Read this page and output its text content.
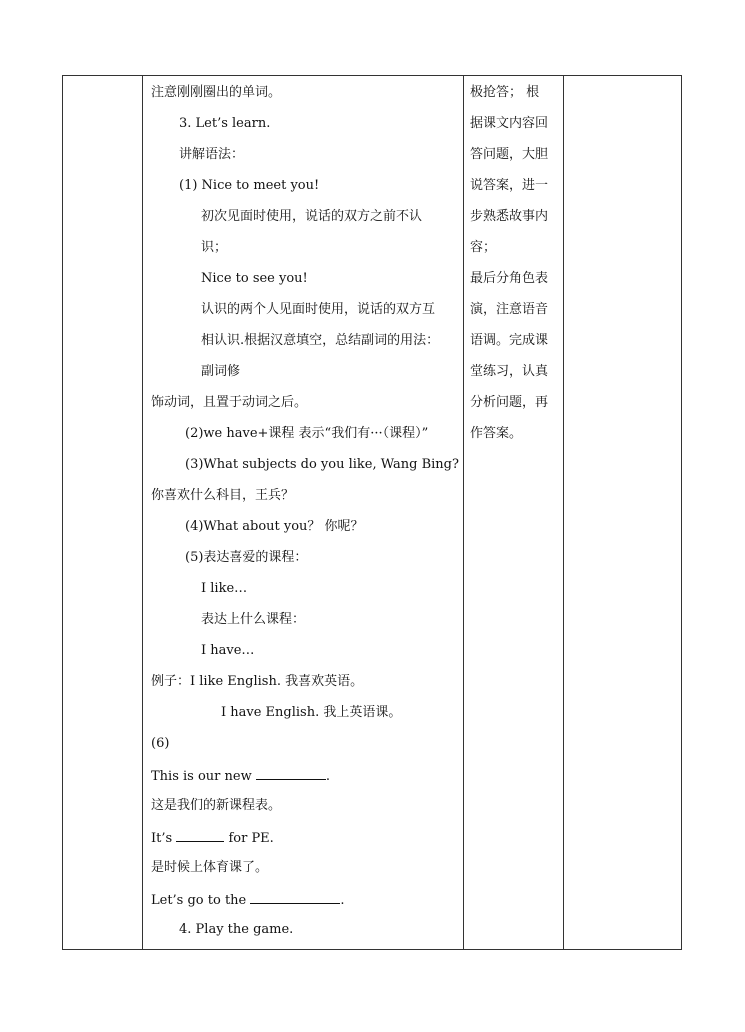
注意刚刚圈出的单词。
3. Let’s learn.
讲解语法：
(1) Nice to meet you!
初次见面时使用，说话的双方之前不认
识；
Nice to see you!
认识的两个人见面时使用，说话的双方互
相认识.根据汉意填空，总结副词的用法：
副词修
饰动词，且置于动词之后。
(2)we have+课程 表示“我们有···（课程）”
(3)What subjects do you like, Wang Bing?
你喜欢什么科目，王兵？
(4)What about you？ 你呢？
(5)表达喜爱的课程：
I like…
表达上什么课程：
I have…
例子：I like English. 我喜欢英语。
I have English. 我上英语课。
(6)
This is our new	.
这是我们的新课程表。
It’s	for PE.
是时候上体育课了。
Let’s go to the	.
4. Play the game.
极抢答； 根
据课文内容回
答问题，大胆
说答案，进一
步熟悉故事内
容；
最后分角色表
演，注意语音
语调。完成课
堂练习，认真
分析问题，再
作答案。
